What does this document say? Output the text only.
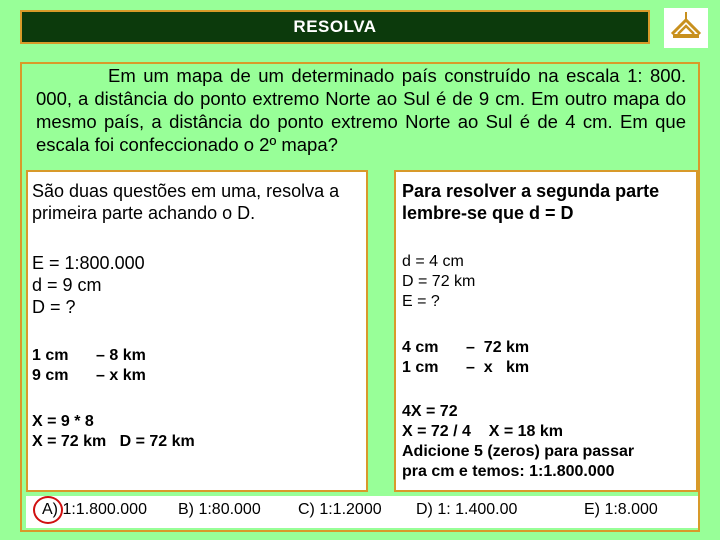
RESOLVA
Em um mapa de um determinado país construído na escala 1: 800. 000, a distância do ponto extremo Norte ao Sul é de 9 cm. Em outro mapa do mesmo país, a distância do ponto extremo Norte ao Sul é de 4 cm. Em que escala foi confeccionado o 2º mapa?
São duas questões em uma, resolva a primeira parte achando o D.
E = 1:800.000
d = 9 cm
D = ?
1 cm	– 8 km
9 cm	– x km
X = 9 * 8
X = 72 km   D = 72 km
Para resolver a segunda parte lembre-se que d = D
d = 4 cm
D = 72 km
E = ?
4 cm	–  72 km
1 cm	–  x   km
4X = 72
X = 72 / 4    X = 18 km
Adicione 5 (zeros) para passar
pra cm e temos: 1:1.800.000
A) 1:1.800.000 B) 1:80.000 C) 1:1.2000 D) 1: 1.400.00	E) 1:8.000
